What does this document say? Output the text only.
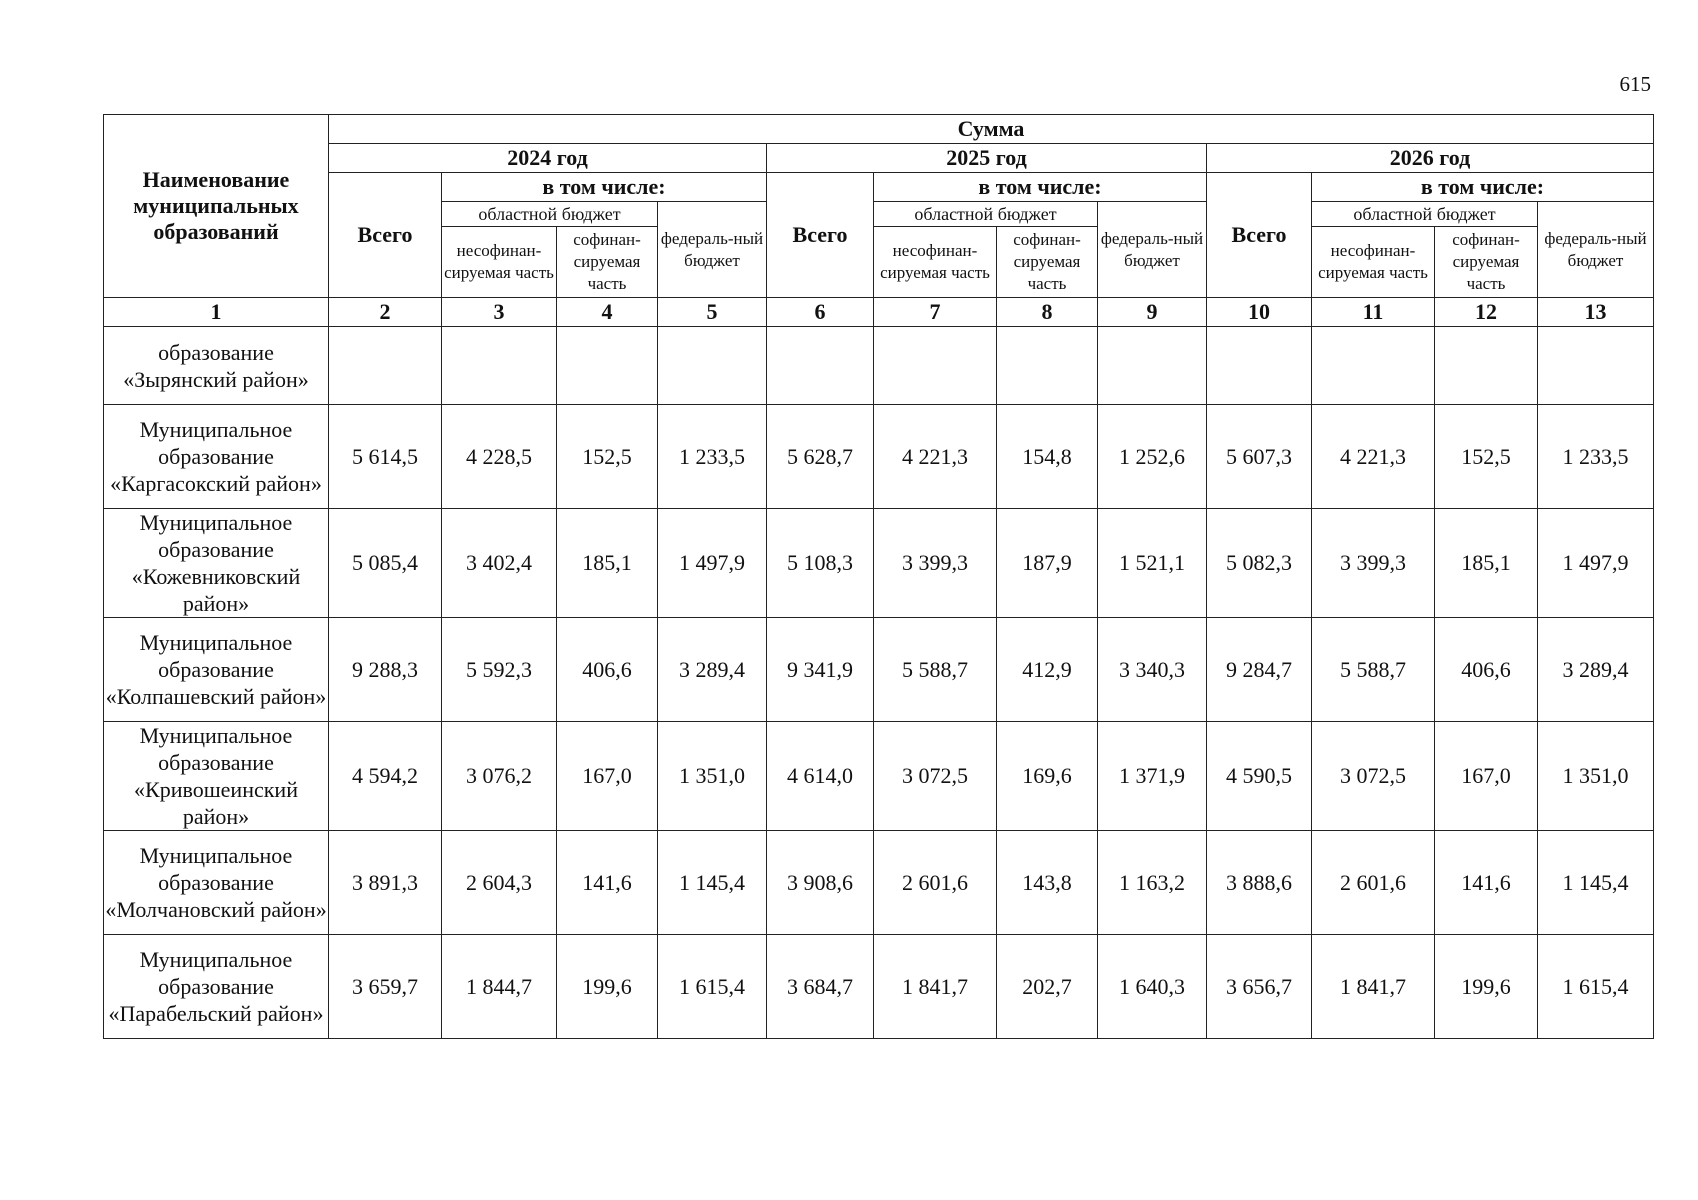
615
Наименование муниципальных образований	Сумма											
	2024 год				2025 год				2026 год			
	Всего	в том числе:			Всего	в том числе:			Всего	в том числе:		
		областной бюджет		федераль-ный бюджет		областной бюджет		федераль-ный бюджет		областной бюджет		федераль-ный бюджет
		несофинан-сируемая часть	софинан-сируемая часть			несофинан-сируемая часть	софинан-сируемая часть			несофинан-сируемая часть	софинан-сируемая часть	
1	2	3	4	5	6	7	8	9	10	11	12	13
образование «Зырянский район»												
Муниципальное образование «Каргасокский район»	5 614,5	4 228,5	152,5	1 233,5	5 628,7	4 221,3	154,8	1 252,6	5 607,3	4 221,3	152,5	1 233,5
Муниципальное образование «Кожевниковский район»	5 085,4	3 402,4	185,1	1 497,9	5 108,3	3 399,3	187,9	1 521,1	5 082,3	3 399,3	185,1	1 497,9
Муниципальное образование «Колпашевский район»	9 288,3	5 592,3	406,6	3 289,4	9 341,9	5 588,7	412,9	3 340,3	9 284,7	5 588,7	406,6	3 289,4
Муниципальное образование «Кривошеинский район»	4 594,2	3 076,2	167,0	1 351,0	4 614,0	3 072,5	169,6	1 371,9	4 590,5	3 072,5	167,0	1 351,0
Муниципальное образование «Молчановский район»	3 891,3	2 604,3	141,6	1 145,4	3 908,6	2 601,6	143,8	1 163,2	3 888,6	2 601,6	141,6	1 145,4
Муниципальное образование «Парабельский район»	3 659,7	1 844,7	199,6	1 615,4	3 684,7	1 841,7	202,7	1 640,3	3 656,7	1 841,7	199,6	1 615,4
